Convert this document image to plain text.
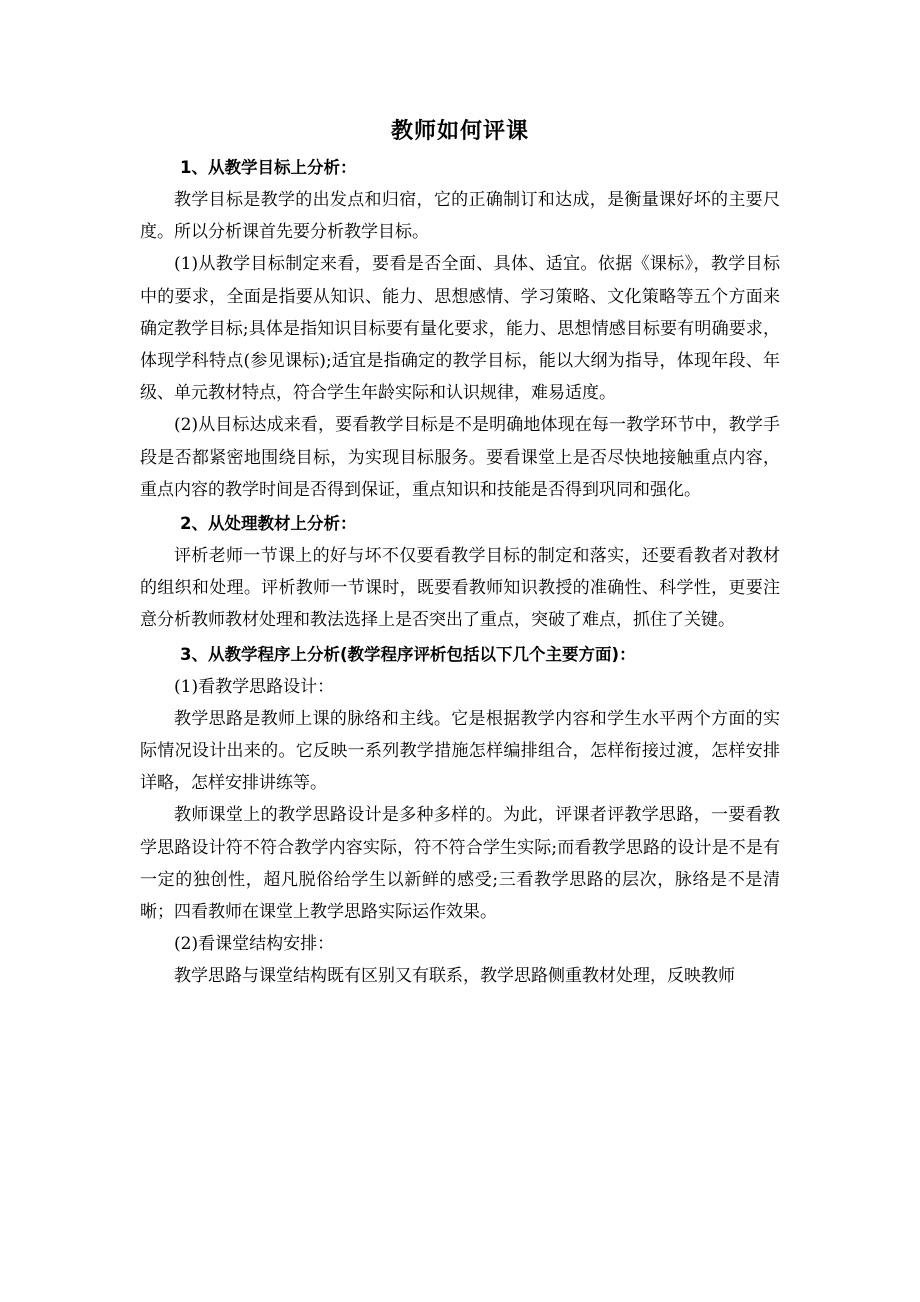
教师如何评课
1、从教学目标上分析：

教学目标是教学的出发点和归宿，它的正确制订和达成，是衡量课好坏的主要尺度。所以分析课首先要分析教学目标。

(1)从教学目标制定来看，要看是否全面、具体、适宜。依据《课标》，教学目标中的要求，全面是指要从知识、能力、思想感情、学习策略、文化策略等五个方面来确定教学目标;具体是指知识目标要有量化要求，能力、思想情感目标要有明确要求，体现学科特点(参见课标);适宜是指确定的教学目标，能以大纲为指导，体现年段、年级、单元教材特点，符合学生年龄实际和认识规律，难易适度。

(2)从目标达成来看，要看教学目标是不是明确地体现在每一教学环节中，教学手段是否都紧密地围绕目标，为实现目标服务。要看课堂上是否尽快地接触重点内容，重点内容的教学时间是否得到保证，重点知识和技能是否得到巩同和强化。

2、从处理教材上分析：

评析老师一节课上的好与坏不仅要看教学目标的制定和落实，还要看教者对教材的组织和处理。评析教师一节课时，既要看教师知识教授的准确性、科学性，更要注意分析教师教材处理和教法选择上是否突出了重点，突破了难点，抓住了关键。

3、从教学程序上分析(教学程序评析包括以下几个主要方面)：

(1)看教学思路设计：

教学思路是教师上课的脉络和主线。它是根据教学内容和学生水平两个方面的实际情况设计出来的。它反映一系列教学措施怎样编排组合，怎样衔接过渡，怎样安排详略，怎样安排讲练等。

教师课堂上的教学思路设计是多种多样的。为此，评课者评教学思路，一要看教学思路设计符不符合教学内容实际，符不符合学生实际;而看教学思路的设计是不是有一定的独创性，超凡脱俗给学生以新鲜的感受;三看教学思路的层次，脉络是不是清晰；四看教师在课堂上教学思路实际运作效果。

(2)看课堂结构安排：

教学思路与课堂结构既有区别又有联系，教学思路侧重教材处理，反映教师
